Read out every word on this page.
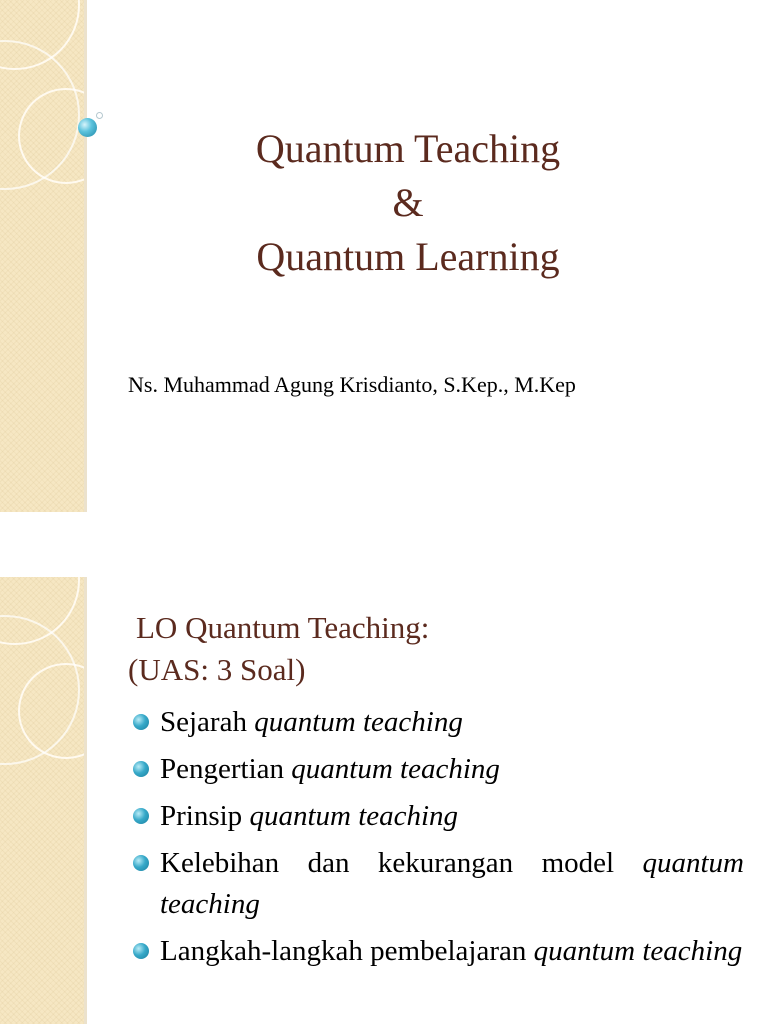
Quantum Teaching
&
Quantum Learning
Ns. Muhammad Agung Krisdianto, S.Kep., M.Kep
LO Quantum Teaching:
(UAS: 3 Soal)
Sejarah quantum teaching
Pengertian quantum teaching
Prinsip quantum teaching
Kelebihan dan kekurangan model quantum teaching
Langkah-langkah pembelajaran quantum teaching
